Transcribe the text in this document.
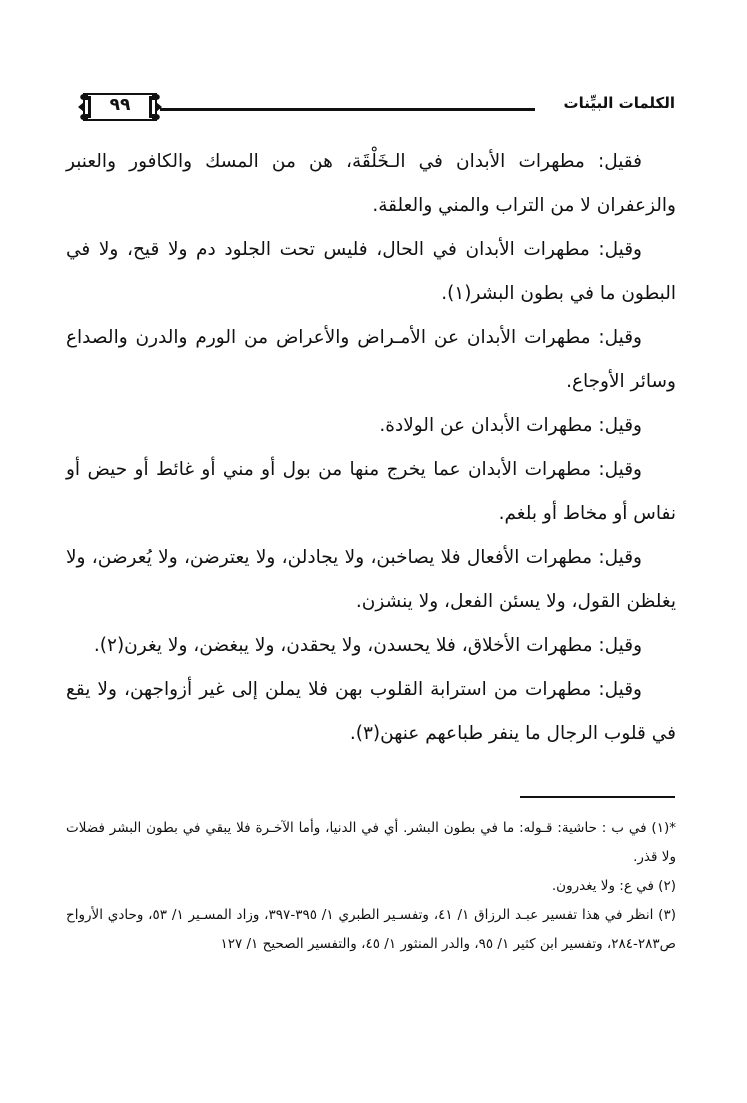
٩٩	الكلمات البيِّنات

فقيل: مطهرات الأبدان في الـخَلْقَة، هن من المسك والكافور والعنبر والزعفران لا من التراب والمني والعلقة.

وقيل: مطهرات الأبدان في الحال، فليس تحت الجلود دم ولا قيح، ولا في البطون ما في بطون البشر(١).

وقيل: مطهرات الأبدان عن الأمـراض والأعراض من الورم والدرن والصداع وسائر الأوجاع.

وقيل: مطهرات الأبدان عن الولادة.

وقيل: مطهرات الأبدان عما يخرج منها من بول أو مني أو غائط أو حيض أو نفاس أو مخاط أو بلغم.

وقيل: مطهرات الأفعال فلا يصاخبن، ولا يجادلن، ولا يعترضن، ولا يُعرضن، ولا يغلظن القول، ولا يسئن الفعل، ولا ينشزن.

وقيل: مطهرات الأخلاق، فلا يحسدن، ولا يحقدن، ولا يبغضن، ولا يغرن(٢).

وقيل: مطهرات من استرابة القلوب بهن فلا يملن إلى غير أزواجهن، ولا يقع في قلوب الرجال ما ينفر طباعهم عنهن(٣).

*(١) في ب : حاشية: قـوله: ما في بطون البشر. أي في الدنيا، وأما الآخـرة فلا يبقي في بطون البشر فضلات ولا قذر.

(٢) في ع: ولا يغدرون.

(٣) انظر في هذا تفسير عبـد الرزاق ١/ ٤١، وتفسـير الطبري ١/ ٣٩٥-٣٩٧، وزاد المسـير ١/ ٥٣، وحادي الأرواح ص٢٨٣-٢٨٤، وتفسير ابن كثير ١/ ٩٥، والدر المنثور ١/ ٤٥، والتفسير الصحيح ١/ ١٢٧
